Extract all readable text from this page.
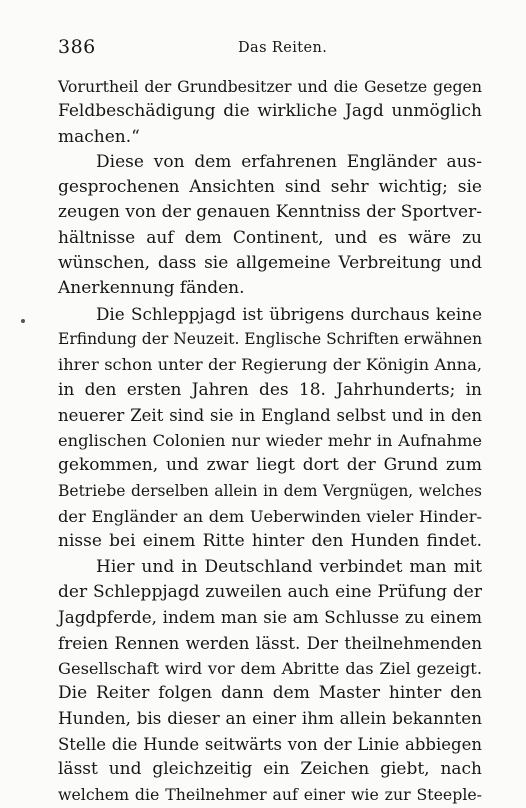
386	Das Reiten.
Vorurtheil der Grundbesitzer und die Gesetze gegen
Feldbeschädigung die wirkliche Jagd unmöglich
machen.“
Diese von dem erfahrenen Engländer aus-
gesprochenen Ansichten sind sehr wichtig; sie
zeugen von der genauen Kenntniss der Sportver-
hältnisse auf dem Continent, und es wäre zu
wünschen, dass sie allgemeine Verbreitung und
Anerkennung fänden.
Die Schleppjagd ist übrigens durchaus keine
Erfindung der Neuzeit. Englische Schriften erwähnen
ihrer schon unter der Regierung der Königin Anna,
in den ersten Jahren des 18. Jahrhunderts; in
neuerer Zeit sind sie in England selbst und in den
englischen Colonien nur wieder mehr in Aufnahme
gekommen, und zwar liegt dort der Grund zum
Betriebe derselben allein in dem Vergnügen, welches
der Engländer an dem Ueberwinden vieler Hinder-
nisse bei einem Ritte hinter den Hunden findet.
Hier und in Deutschland verbindet man mit
der Schleppjagd zuweilen auch eine Prüfung der
Jagdpferde, indem man sie am Schlusse zu einem
freien Rennen werden lässt. Der theilnehmenden
Gesellschaft wird vor dem Abritte das Ziel gezeigt.
Die Reiter folgen dann dem Master hinter den
Hunden, bis dieser an einer ihm allein bekannten
Stelle die Hunde seitwärts von der Linie abbiegen
lässt und gleichzeitig ein Zeichen giebt, nach
welchem die Theilnehmer auf einer wie zur Steeple-
